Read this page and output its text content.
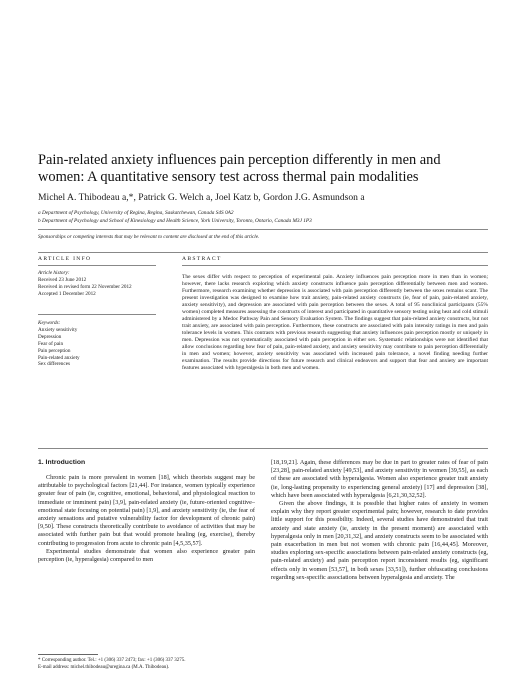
Pain-related anxiety influences pain perception differently in men and women: A quantitative sensory test across thermal pain modalities

Michel A. Thibodeau a,*, Patrick G. Welch a, Joel Katz b, Gordon J.G. Asmundson a

a Department of Psychology, University of Regina, Regina, Saskatchewan, Canada S4S 0A2
b Department of Psychology and School of Kinesiology and Health Science, York University, Toronto, Ontario, Canada M3J 1P3

Sponsorships or competing interests that may be relevant to content are disclosed at the end of this article.

ARTICLE INFO	ABSTRACT

Article history:

Received 23 June 2012

Received in revised form 22 November 2012

Accepted 1 December 2012

Keywords:

Anxiety sensitivity

Depression

Fear of pain

Pain perception

Pain-related anxiety

Sex differences

The sexes differ with respect to perception of experimental pain. Anxiety influences pain perception more in men than in women; however, there lacks research exploring which anxiety constructs influence pain perception differentially between men and women. Furthermore, research examining whether depression is associated with pain perception differently between the sexes remains scant. The present investigation was designed to examine how trait anxiety, pain-related anxiety constructs (ie, fear of pain, pain-related anxiety, anxiety sensitivity), and depression are associated with pain perception between the sexes. A total of 95 nonclinical participants (55% women) completed measures assessing the constructs of interest and participated in quantitative sensory testing using heat and cold stimuli administered by a Medoc Pathway Pain and Sensory Evaluation System. The findings suggest that pain-related anxiety constructs, but not trait anxiety, are associated with pain perception. Furthermore, these constructs are associated with pain intensity ratings in men and pain tolerance levels in women. This contrasts with previous research suggesting that anxiety influences pain perception mostly or uniquely in men. Depression was not systematically associated with pain perception in either sex. Systematic relationships were not identified that allow conclusions regarding how fear of pain, pain-related anxiety, and anxiety sensitivity may contribute to pain perception differentially in men and women; however, anxiety sensitivity was associated with increased pain tolerance, a novel finding needing further examination. The results provide directions for future research and clinical endeavors and support that fear and anxiety are important features associated with hyperalgesia in both men and women.

1. Introduction

Chronic pain is more prevalent in women [18], which theorists suggest may be attributable to psychological factors [21,44]. For instance, women typically experience greater fear of pain (ie, cognitive, emotional, behavioral, and physiological reaction to immediate or imminent pain) [3,9], pain-related anxiety (ie, future-oriented cognitive–emotional state focusing on potential pain) [1,9], and anxiety sensitivity (ie, the fear of anxiety sensations and putative vulnerability factor for development of chronic pain) [9,50]. These constructs theoretically contribute to avoidance of activities that may be associated with further pain but that would promote healing (eg, exercise), thereby contributing to progression from acute to chronic pain [4,5,35,57].

Experimental studies demonstrate that women also experience greater pain perception (ie, hyperalgesia) compared to men

[18,19,21]. Again, these differences may be due in part to greater rates of fear of pain [23,28], pain-related anxiety [49,53], and anxiety sensitivity in women [39,55], as each of these are associated with hyperalgesia. Women also experience greater trait anxiety (ie, long-lasting propensity to experiencing general anxiety) [17] and depression [38], which have been associated with hyperalgesia [6,21,30,32,52].

Given the above findings, it is possible that higher rates of anxiety in women explain why they report greater experimental pain; however, research to date provides little support for this possibility. Indeed, several studies have demonstrated that trait anxiety and state anxiety (ie, anxiety in the present moment) are associated with hyperalgesia only in men [20,31,32], and anxiety constructs seem to be associated with pain exacerbation in men but not women with chronic pain [16,44,45]. Moreover, studies exploring sex-specific associations between pain-related anxiety constructs (eg, pain-related anxiety) and pain perception report inconsistent results (eg, significant effects only in women [53,57], in both sexes [33,51]), further obfuscating conclusions regarding sex-specific associations between hyperalgesia and anxiety. The

* Corresponding author. Tel.: +1 (306) 337 2473; fax: +1 (306) 337 3275.
E-mail address: michel.thibodeau@uregina.ca (M.A. Thibodeau).
